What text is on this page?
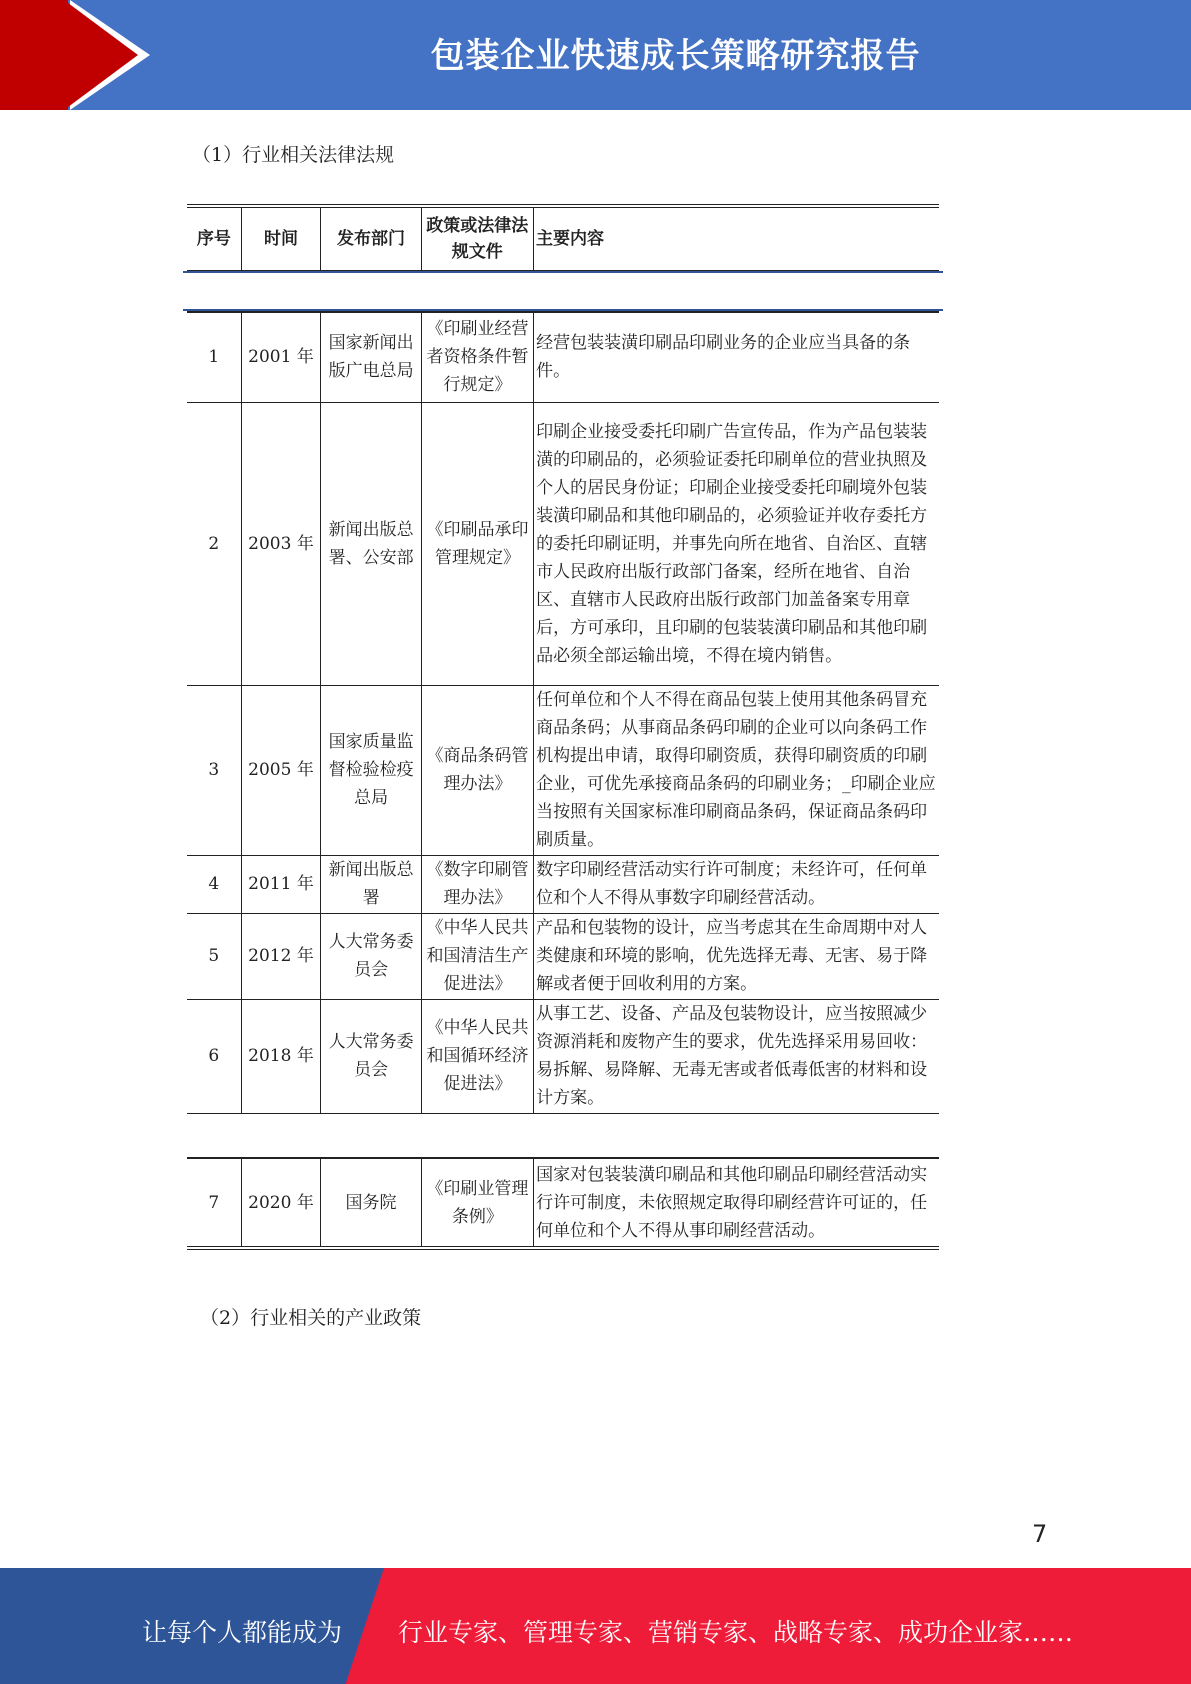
包装企业快速成长策略研究报告
（1）行业相关法律法规
序号	时间	发布部门	政策或法律法规文件	主要内容
1	2001 年	国家新闻出版广电总局	《印刷业经营者资格条件暂行规定》	经营包装装潢印刷品印刷业务的企业应当具备的条件。
2	2003 年	新闻出版总署、公安部	《印刷品承印管理规定》	印刷企业接受委托印刷广告宣传品，作为产品包装装潢的印刷品的，必须验证委托印刷单位的营业执照及个人的居民身份证；印刷企业接受委托印刷境外包装装潢印刷品和其他印刷品的，必须验证并收存委托方的委托印刷证明，并事先向所在地省、自治区、直辖市人民政府出版行政部门备案，经所在地省、自治区、直辖市人民政府出版行政部门加盖备案专用章后，方可承印，且印刷的包装装潢印刷品和其他印刷品必须全部运输出境，不得在境内销售。
3	2005 年	国家质量监督检验检疫总局	《商品条码管理办法》	任何单位和个人不得在商品包装上使用其他条码冒充商品条码；从事商品条码印刷的企业可以向条码工作机构提出申请，取得印刷资质，获得印刷资质的印刷企业，可优先承接商品条码的印刷业务；_印刷企业应当按照有关国家标准印刷商品条码，保证商品条码印刷质量。
4	2011 年	新闻出版总署	《数字印刷管理办法》	数字印刷经营活动实行许可制度；未经许可，任何单位和个人不得从事数字印刷经营活动。
5	2012 年	人大常务委员会	《中华人民共和国清洁生产促进法》	产品和包装物的设计，应当考虑其在生命周期中对人类健康和环境的影响，优先选择无毒、无害、易于降解或者便于回收利用的方案。
6	2018 年	人大常务委员会	《中华人民共和国循环经济促进法》	从事工艺、设备、产品及包装物设计，应当按照减少资源消耗和废物产生的要求，优先选择采用易回收：易拆解、易降解、无毒无害或者低毒低害的材料和设计方案。
7	2020 年	国务院	《印刷业管理条例》	国家对包装装潢印刷品和其他印刷品印刷经营活动实行许可制度，未依照规定取得印刷经营许可证的，任何单位和个人不得从事印刷经营活动。
（2）行业相关的产业政策
7
让每个人都能成为 行业专家、管理专家、营销专家、战略专家、成功企业家……
